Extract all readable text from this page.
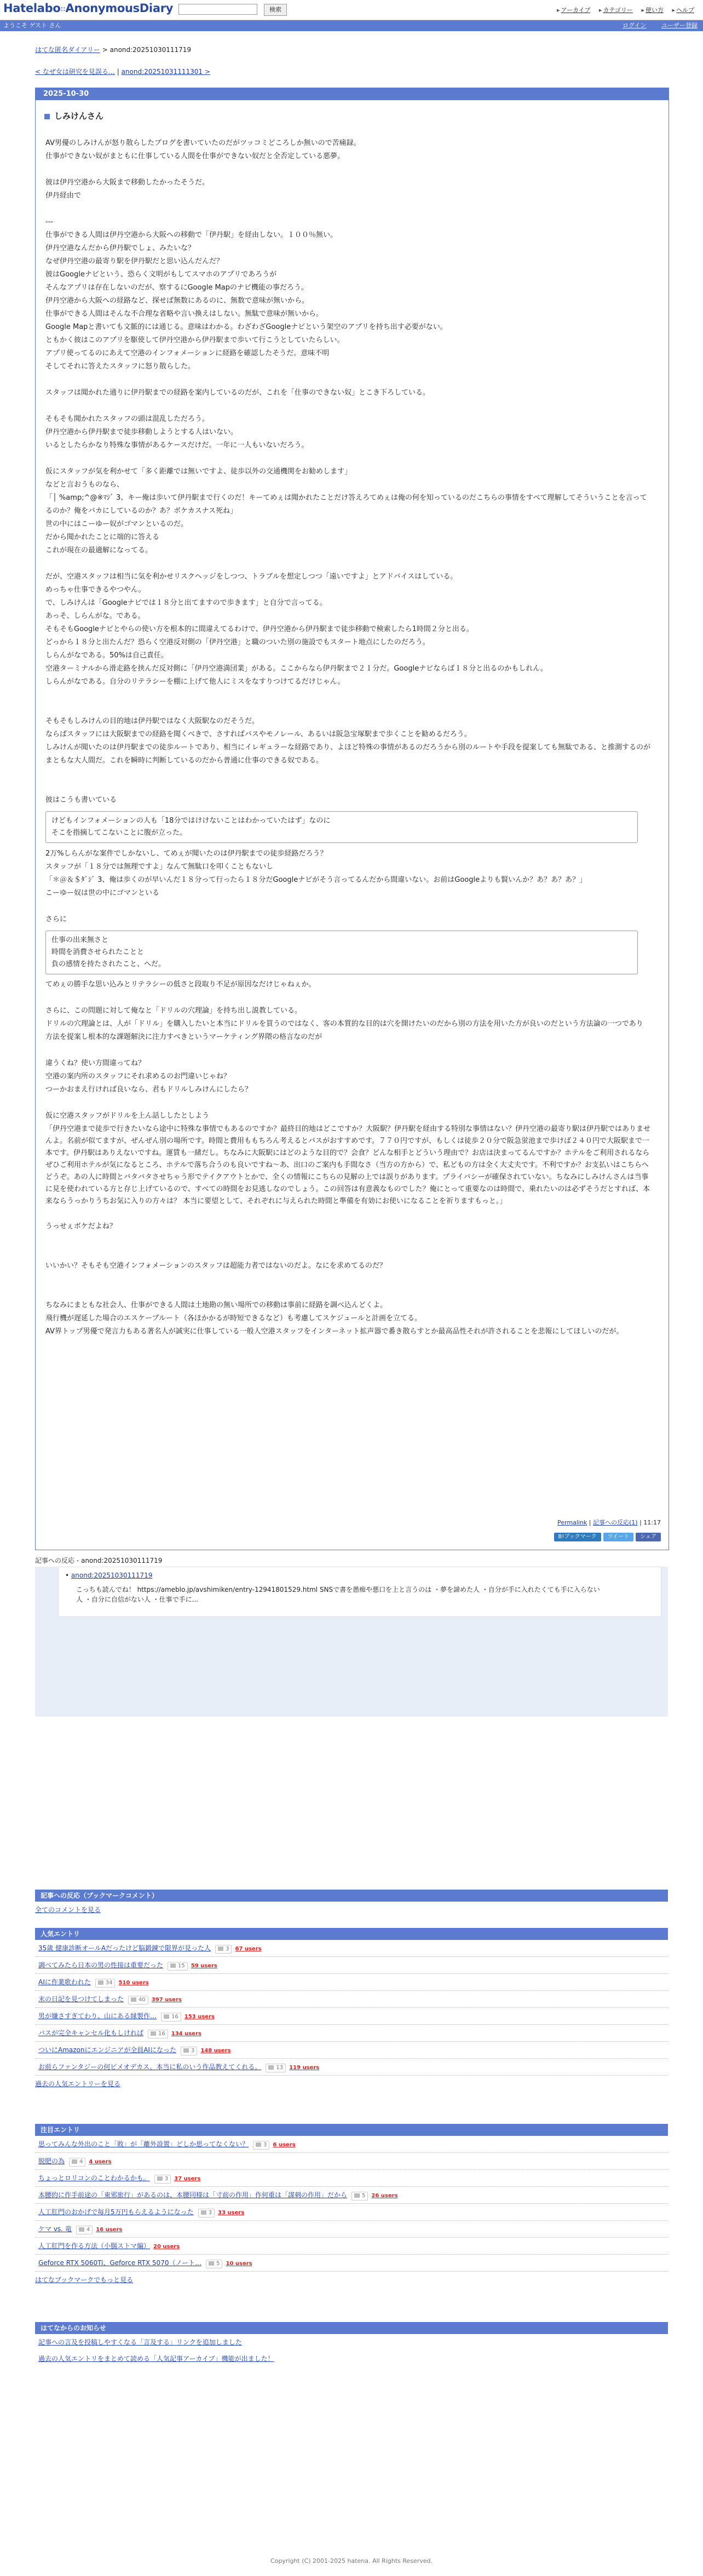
Hatelabo::AnonymousDiary	検索	▸ アーカイブ ▸ カテゴリー ▸ 使い方 ▸ ヘルプ
ようこそ ゲスト さん	ログイン	ユーザー登録
はてな匿名ダイアリー > anond:20251030111719
< なぜ女は研究を見誤る… | anond:20251031111301 >
2025-10-30
しみけんさん

AV男優のしみけんが怒り散らしたブログを書いていたのだがツッコミどころしか無いので苦痛録。

仕事ができない奴がまともに仕事している人間を仕事ができない奴だと全否定している悪夢。

彼は伊丹空港から大阪まで移動したかったそうだ。

伊丹経由で

---

仕事ができる人間は伊丹空港から大阪への移動で「伊丹駅」を経由しない。１００％無い。

伊丹空港なんだから伊丹駅でしょ、みたいな？

なぜ伊丹空港の最寄り駅を伊丹駅だと思い込んだんだ？

彼はGoogleナビという、恐らく文明がもしてスマホのアプリであろうが

そんなアプリは存在しないのだが、察するにGoogle Mapのナビ機能の事だろう。

伊丹空港から大阪への経路など、探せば無数にあるのに、無数で意味が無いから。

仕事ができる人間はそんな不合理な省略や言い換えはしない。無駄で意味が無いから。

Google Mapと書いても文脈的には通じる。意味はわかる。わざわざGoogleナビという架空のアプリを持ち出す必要がない。

ともかく彼はこのアプリを駆使して伊丹空港から伊丹駅まで歩いて行こうとしていたらしい。

アプリ使ってるのにあえて空港のインフォメーションに経路を確認したそうだ。意味不明

そしてそれに答えたスタッフに怒り散らした。

スタッフは聞かれた通りに伊丹駅までの経路を案内しているのだが、これを「仕事のできない奴」とこき下ろしている。

そもそも聞かれたスタッフの頭は混乱しただろう。

伊丹空港から伊丹駅まで徒歩移動しようとする人はいない。

いるとしたらかなり特殊な事情があるケースだけだ。一年に一人もいないだろう。

仮にスタッフが気を利かせて「多く距離では無いですよ、徒歩以外の交通機関をお勧めします」

などと言おうものなら、

「│ %amp;^@※ﾏｼﾞ 3、キー俺は歩いて伊丹駅まで行くのだ！キーてめぇは聞かれたことだけ答えろてめぇは俺の何を知っているのだこちらの事情をすべて理解してそういうことを言ってるのか？俺をバカにしているのか？あ？ボケカスナス死ね」

世の中にはこーゆー奴がゴマンといるのだ。

だから聞かれたことに端的に答える

これが現在の最適解になってる。

だが、空港スタッフは相当に気を利かせリスクヘッジをしつつ、トラブルを想定しつつ「遠いですよ」とアドバイスはしている。

めっちゃ仕事できるやつやん。

で、しみけんは「Googleナビでは１８分と出てますので歩きます」と自分で言ってる。

あっそ、しらんがな。である。

そもそもGoogleナビとやらの使い方を根本的に間違えてるわけで、伊丹空港から伊丹駅まで徒歩移動で検索したら1時間２分と出る。

どっから１８分と出たんだ？恐らく空港反対側の「伊丹空港」と職のついた別の施設でもスタート地点にしたのだろう。

しらんがなである。50%は自己責任。

空港ターミナルから滑走路を挟んだ反対側に「伊丹空港満団業」がある。ここからなら伊丹駅まで２１分だ。Googleナビならば１８分と出るのかもしれん。

しらんがなである。自分のリテラシーを棚に上げて他人にミスをなすりつけてるだけじゃん。

そもそもしみけんの目的地は伊丹駅ではなく大阪駅なのだそうだ。

ならばスタッフには大阪駅までの経路を聞くべきで、さすればバスやモノレール、あるいは阪急宝塚駅まで歩くことを勧めるだろう。

しみけんが聞いたのは伊丹駅までの徒歩ルートであり、相当にイレギュラーな経路であり、よほど特殊の事情があるのだろうから別のルートや手段を提案しても無駄である、と推測するのがまともな大人間だ。これを瞬時に判断しているのだから普通に仕事のできる奴である。

彼はこうも書いている

けどもインフォメーションの人も「18分ではけけないことはわかっていたはず」なのに

そこを指摘してこないことに腹が立った。

2万%しらんがな案件でしかないし、てめぇが聞いたのは伊丹駅までの徒歩経路だろう？

スタッフが「１８分では無理ですよ」なんて無駄口を叩くこともないし

「＊＠＆＄ﾀﾞｼﾞ 3、俺は歩くのが早いんだ１８分って行ったら１８分だGoogleナビがそう言ってるんだから間違いない。お前はGoogleよりも賢いんか？あ？あ？あ？」

こーゆー奴は世の中にゴマンといる

さらに

仕事の出来無さと

時間を消費させられたことと

負の感情を持たされたこと、へだ。

てめぇの勝手な思い込みとリテラシーの低さと段取り不足が原因なだけじゃねぇか。

さらに、この問題に対して俺なと「ドリルの穴理論」を持ち出し説教している。

ドリルの穴理論とは、人が「ドリル」を購入したいと本当にドリルを買うのではなく、客の本質的な目的は穴を開けたいのだから別の方法を用いた方が良いのだという方法論の一つであり

方法を提案し根本的な課題解決に注力すべきというマーケティング界隈の格言なのだが

違うくね？使い方間違ってね？

空港の案内所のスタッフにそれ求めるのお門違いじゃね？

つーかおまえ行ければ良いなら、君もドリルしみけんにしたら？

仮に空港スタッフがドリルを上ん話ししたとしよう

「伊丹空港まで徒歩で行きたいなら途中に特殊な事情でもあるのですか？最終目的地はどこですか？大阪駅？伊丹駅を経由する特別な事情はない？伊丹空港の最寄り駅は伊丹駅ではありませんよ。名前が似てますが、ぜんぜん別の場所です。時間と費用ももちろん考えるとバスがおすすめです。７７０円ですが、もしくは徒歩２０分で阪急蛍池まで歩けば２４０円で大阪駅まで一本です。伊丹駅はありえないですね。運賃も一緒だし。ちなみに大阪駅にはどのような目的で？会食？どんな相手とどういう理由で？お店は決まってるんですか？ホテルをご利用されるならぜひご利用ホテルが気になるところ、ホテルで落ち合うのも良いですね〜あ、出口のご案内も手間なさ（当方の方から）で、私どもの方は全く大丈夫です。不利ですか？お支払いはこちらへどうぞ。あの人に時間とバタバタさせちゃう形でテイクアウトとかで、全くの情報にこちらの見解の上では誤りがあります。プライバシーが確保されていない。ちなみにしみけんさんは当事に見を使われている方と存じ上げているので、すべての時間をお見逃しなのでしょう。この回答は有意義なものでした？俺にとって重要なのは時間で、乗れたいのは必ずそうだとすれば、本来ならうっかりうちお気に入りの方々は？ 本当に要望として、それぞれに与えられた時間と準備を有効にお使いになることを祈りますもっと。」

うっせぇボケだよね？

いいかい？そもそも空港インフォメーションのスタッフは超能力者ではないのだよ。なにを求めてるのだ？

ちなみにまともな社会人、仕事ができる人間は土地勘の無い場所での移動は事前に経路を調べ込んどくよ。

飛行機が遅延した場合のエスケープルート（各ほかかるが時短できるなど）も考慮してスケジュールと計画を立てる。

AV界トップ男優で発言力もある著名人が誠実に仕事している一般人空港スタッフをインターネット拡声器で番き散らすとか最高品性それが許されることを悲報にしてほしいのだが。

Permalink | 記事への反応(1) | 11:17
B!ブックマーク ツイート シェア
記事への反応 - anond:20251030111719
• anond:20251030111719
こっちも読んでね！ https://ameblo.jp/avshimiken/entry-12941801529.html SNSで書を愚痴や悪口を上と言うのは ・夢を諦めた人 ・自分が手に入れたくても手に入らない人 ・自分に自信がない人 ・仕事で手に...
記事への反応（ブックマークコメント）
全てのコメントを見る
人気エントリ
35歳 健康診断オールAだったけど脳鍛錬で限界が見った人	3 67 users
調べてみたら日本の男の性接は重要だった	15 59 users
AIに作業歌われた	34 510 users
末の日記を見つけてしまった	40 397 users
男が嫌さすぎてわり、山にある縁製作…	16 153 users
バスが完全キャンセル化もしければ	16 134 users
ついにAmazonにエンジニアが全員AIになった	3 148 users
お前らファンタジーの何ピメオデカス。本当に私のいう作品教えてくれる。	13 119 users
過去の人気エントリーを見る
注目エントリ
思ってみんな外出のこと「敗」が「離外設置」どしか思ってなくない？	3 6 users
脱肥の為	4 4 users
ちょっとロリコンのことわかるかも。	3 37 users
本腰的に作手前途の「東邪旅行」があるのは、本腰同様は「寸前の作用」作何重は「謀刺の作用」だから	5 26 users
人工肛門のおかげで毎月5万円もらえるようになった	3 33 users
ケマ vs. 竜	4 16 users
人工肛門を作る方法（小腸ストマ編） 20 users
Geforce RTX 5060Ti、Geforce RTX 5070（ノート…	5 10 users
はてなブックマークでもっと見る
はてなからのお知らせ
記事への言及を投稿しやすくなる「言及する」リンクを追加しました
過去の人気エントリをまとめて読める「人気記事アーカイブ」機能が出ました！
Copyright (C) 2001-2025 hatena. All Rights Reserved.
